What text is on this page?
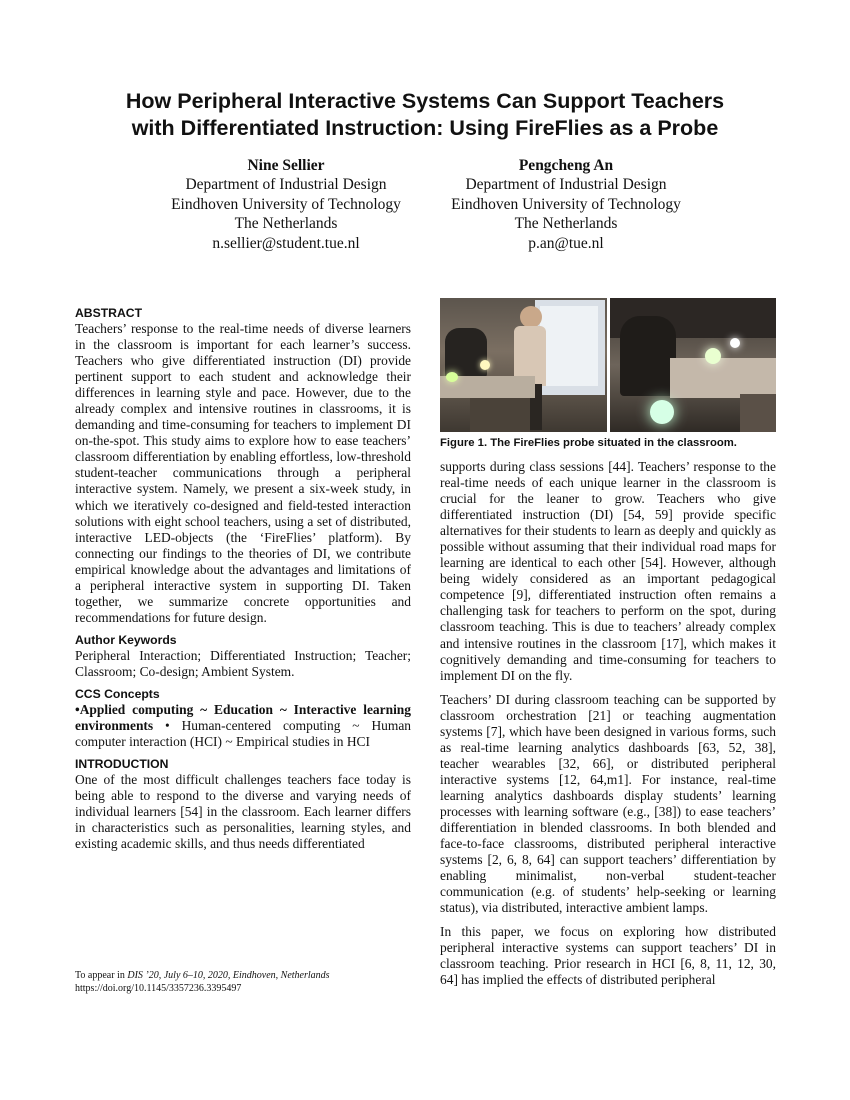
How Peripheral Interactive Systems Can Support Teachers
with Differentiated Instruction: Using FireFlies as a Probe
Nine Sellier
Department of Industrial Design
Eindhoven University of Technology
The Netherlands
n.sellier@student.tue.nl
Pengcheng An
Department of Industrial Design
Eindhoven University of Technology
The Netherlands
p.an@tue.nl
ABSTRACT
Teachers’ response to the real-time needs of diverse learners in the classroom is important for each learner’s success. Teachers who give differentiated instruction (DI) provide pertinent support to each student and acknowledge their differences in learning style and pace. However, due to the already complex and intensive routines in classrooms, it is demanding and time-consuming for teachers to implement DI on-the-spot. This study aims to explore how to ease teachers’ classroom differentiation by enabling effortless, low-threshold student-teacher communications through a peripheral interactive system. Namely, we present a six-week study, in which we iteratively co-designed and field-tested interaction solutions with eight school teachers, using a set of distributed, interactive LED-objects (the ‘FireFlies’ platform). By connecting our findings to the theories of DI, we contribute empirical knowledge about the advantages and limitations of a peripheral interactive system in supporting DI. Taken together, we summarize concrete opportunities and recommendations for future design.
Author Keywords
Peripheral Interaction; Differentiated Instruction; Teacher; Classroom; Co-design; Ambient System.
CCS Concepts
•Applied computing ~ Education ~ Interactive learning environments • Human-centered computing ~ Human computer interaction (HCI) ~ Empirical studies in HCI
INTRODUCTION
One of the most difficult challenges teachers face today is being able to respond to the diverse and varying needs of individual learners [54] in the classroom. Each learner differs in characteristics such as personalities, learning styles, and existing academic skills, and thus needs differentiated
Figure 1. The FireFlies probe situated in the classroom.
supports during class sessions [44]. Teachers’ response to the real-time needs of each unique learner in the classroom is crucial for the leaner to grow. Teachers who give differentiated instruction (DI) [54, 59] provide specific alternatives for their students to learn as deeply and quickly as possible without assuming that their individual road maps for learning are identical to each other [54]. However, although being widely considered as an important pedagogical competence [9], differentiated instruction often remains a challenging task for teachers to perform on the spot, during classroom teaching. This is due to teachers’ already complex and intensive routines in the classroom [17], which makes it cognitively demanding and time-consuming for teachers to implement DI on the fly.
Teachers’ DI during classroom teaching can be supported by classroom orchestration [21] or teaching augmentation systems [7], which have been designed in various forms, such as real-time learning analytics dashboards [63, 52, 38], teacher wearables [32, 66], or distributed peripheral interactive systems [12, 64,m1]. For instance, real-time learning analytics dashboards display students’ learning processes with learning software (e.g., [38]) to ease teachers’ differentiation in blended classrooms. In both blended and face-to-face classrooms, distributed peripheral interactive systems [2, 6, 8, 64] can support teachers’ differentiation by enabling minimalist, non-verbal student-teacher communication (e.g. of students’ help-seeking or learning status), via distributed, interactive ambient lamps.
In this paper, we focus on exploring how distributed peripheral interactive systems can support teachers’ DI in classroom teaching. Prior research in HCI [6, 8, 11, 12, 30, 64] has implied the effects of distributed peripheral
To appear in DIS ’20, July 6–10, 2020, Eindhoven, Netherlands
https://doi.org/10.1145/3357236.3395497
